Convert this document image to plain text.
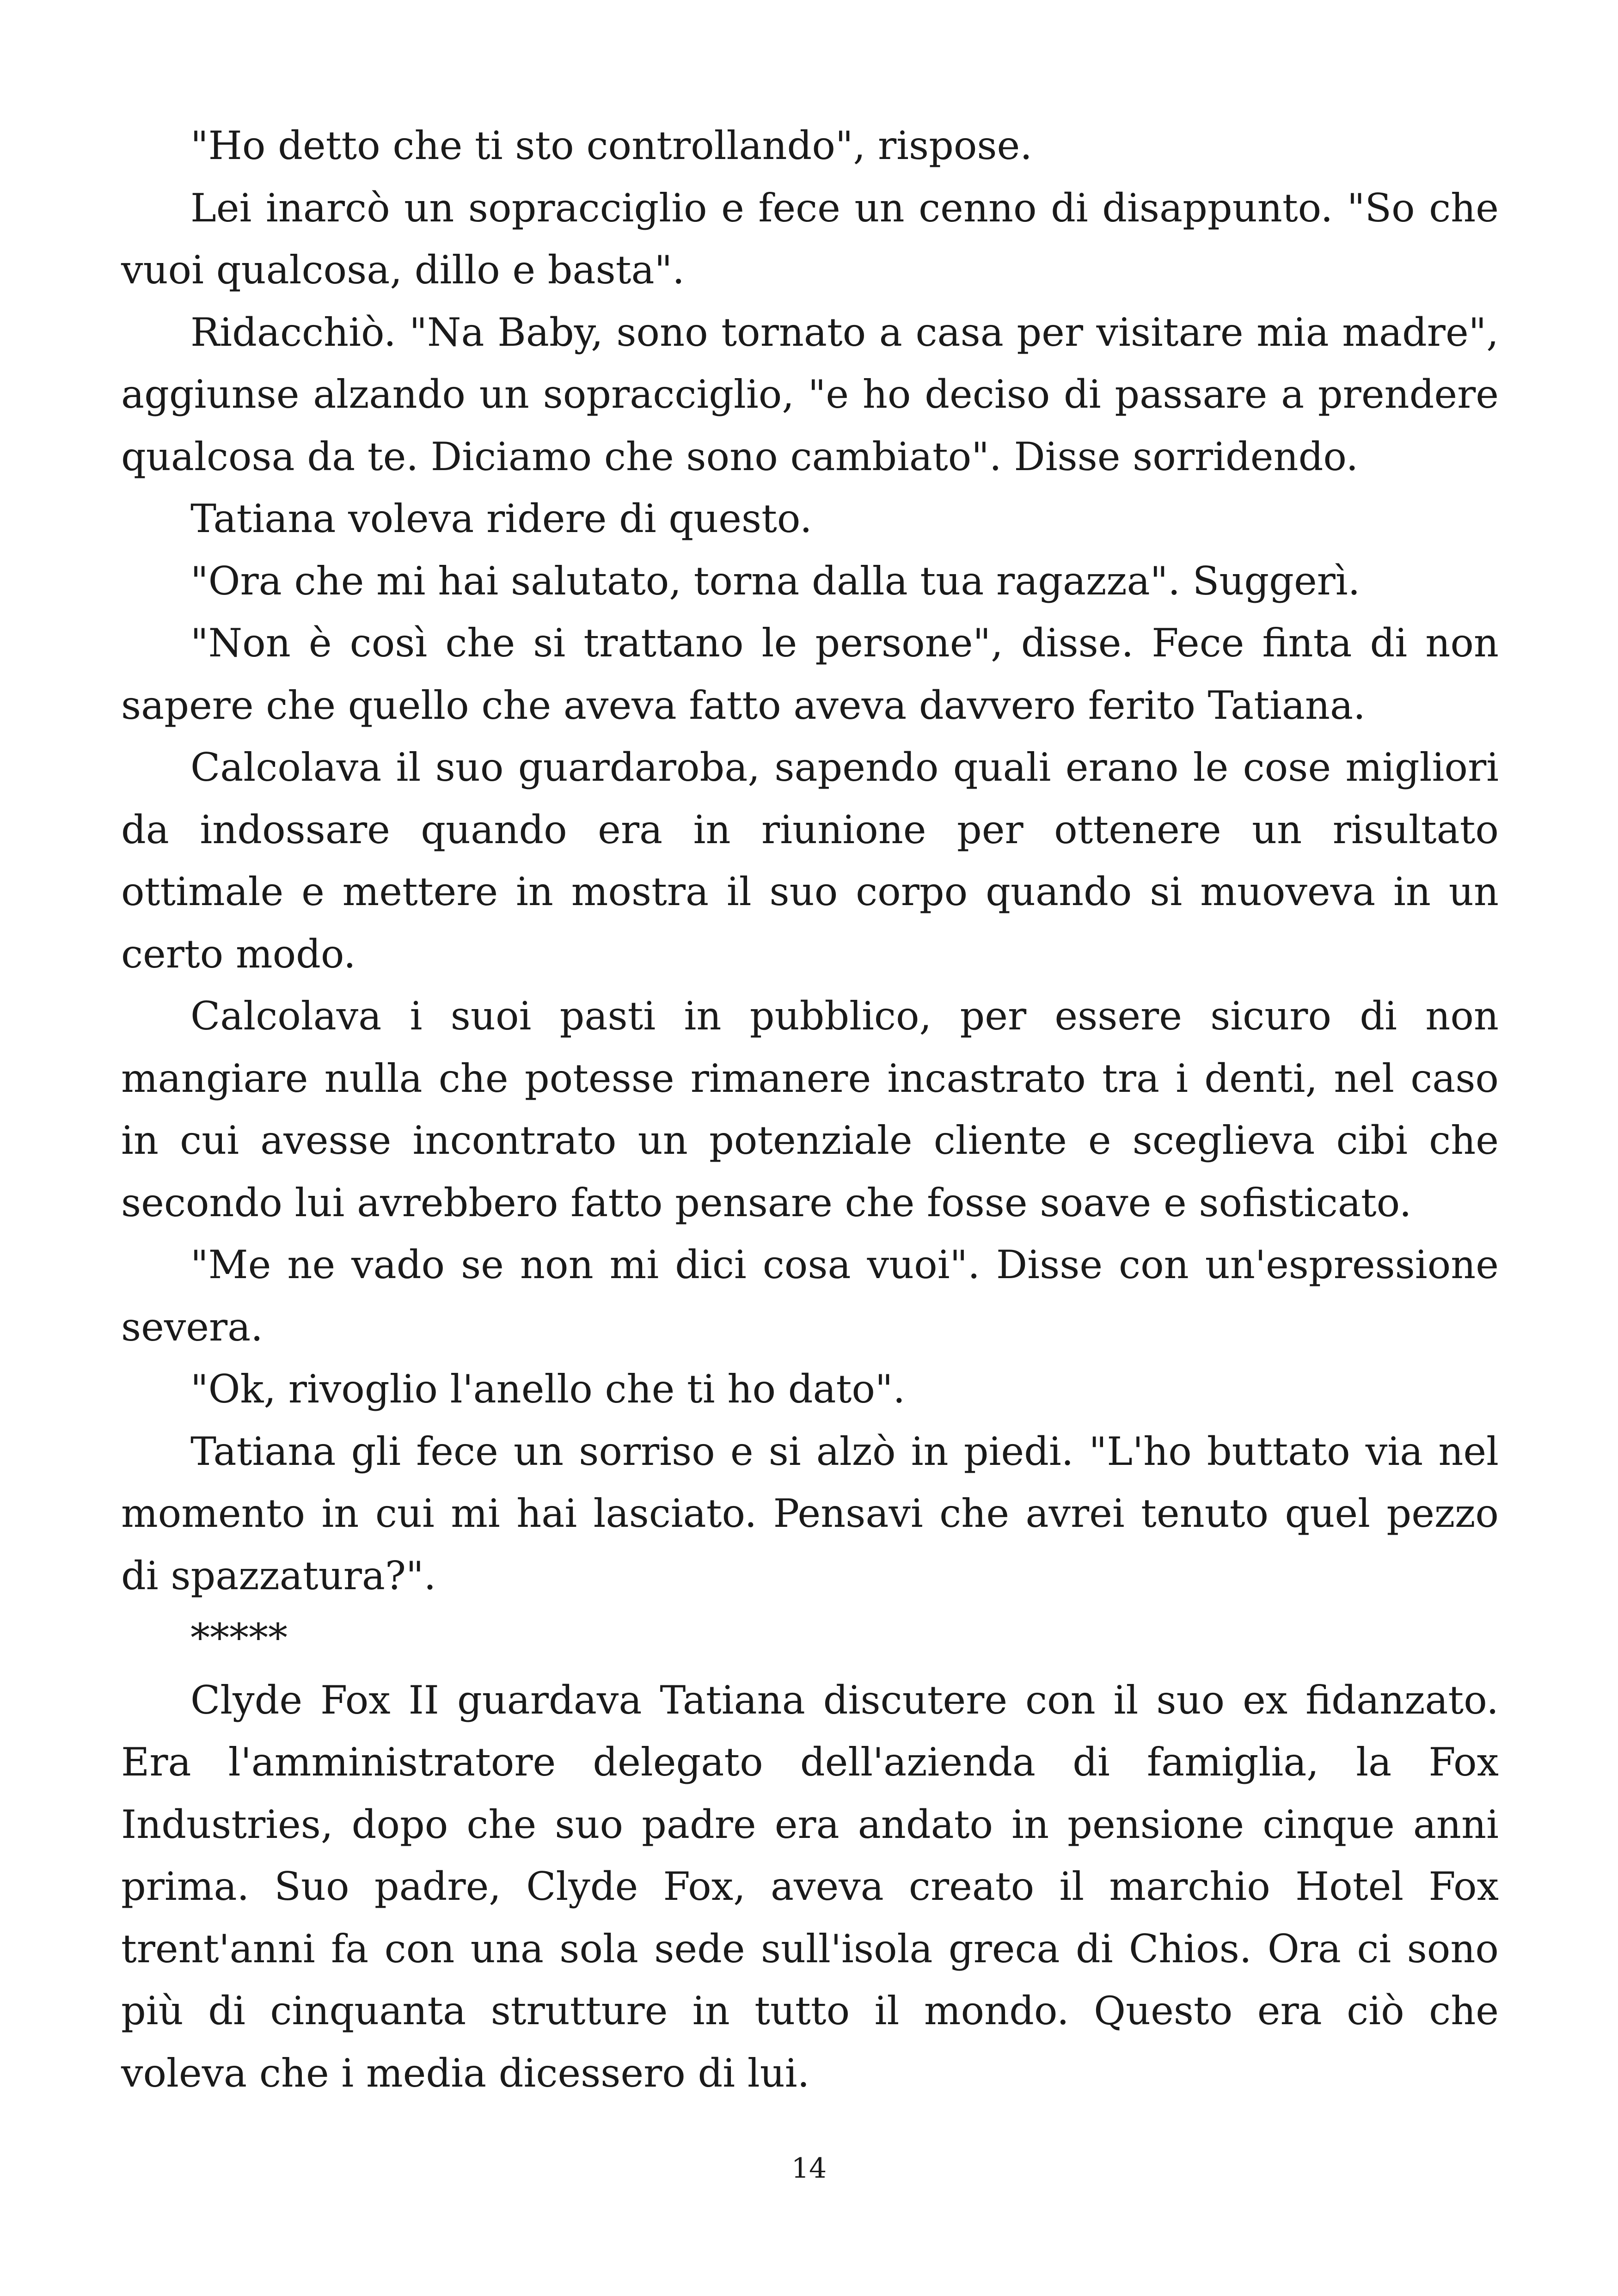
"Ho detto che ti sto controllando", rispose.

Lei inarcò un sopracciglio e fece un cenno di disappunto. "So che vuoi qualcosa, dillo e basta".

Ridacchiò. "Na Baby, sono tornato a casa per visitare mia madre", aggiunse alzando un sopracciglio, "e ho deciso di passare a prendere qualcosa da te. Diciamo che sono cambiato". Disse sorridendo.

Tatiana voleva ridere di questo.

"Ora che mi hai salutato, torna dalla tua ragazza". Suggerì.

"Non è così che si trattano le persone", disse. Fece finta di non sapere che quello che aveva fatto aveva davvero ferito Tatiana.

Calcolava il suo guardaroba, sapendo quali erano le cose migliori da indossare quando era in riunione per ottenere un risultato ottimale e mettere in mostra il suo corpo quando si muoveva in un certo modo.

Calcolava i suoi pasti in pubblico, per essere sicuro di non mangiare nulla che potesse rimanere incastrato tra i denti, nel caso in cui avesse incontrato un potenziale cliente e sceglieva cibi che secondo lui avrebbero fatto pensare che fosse soave e sofisticato.

"Me ne vado se non mi dici cosa vuoi". Disse con un'espressione severa.

"Ok, rivoglio l'anello che ti ho dato".

Tatiana gli fece un sorriso e si alzò in piedi. "L'ho buttato via nel momento in cui mi hai lasciato. Pensavi che avrei tenuto quel pezzo di spazzatura?".

*****

Clyde Fox II guardava Tatiana discutere con il suo ex fidanzato. Era l'amministratore delegato dell'azienda di famiglia, la Fox Industries, dopo che suo padre era andato in pensione cinque anni prima. Suo padre, Clyde Fox, aveva creato il marchio Hotel Fox trent'anni fa con una sola sede sull'isola greca di Chios. Ora ci sono più di cinquanta strutture in tutto il mondo. Questo era ciò che voleva che i media dicessero di lui.

14
